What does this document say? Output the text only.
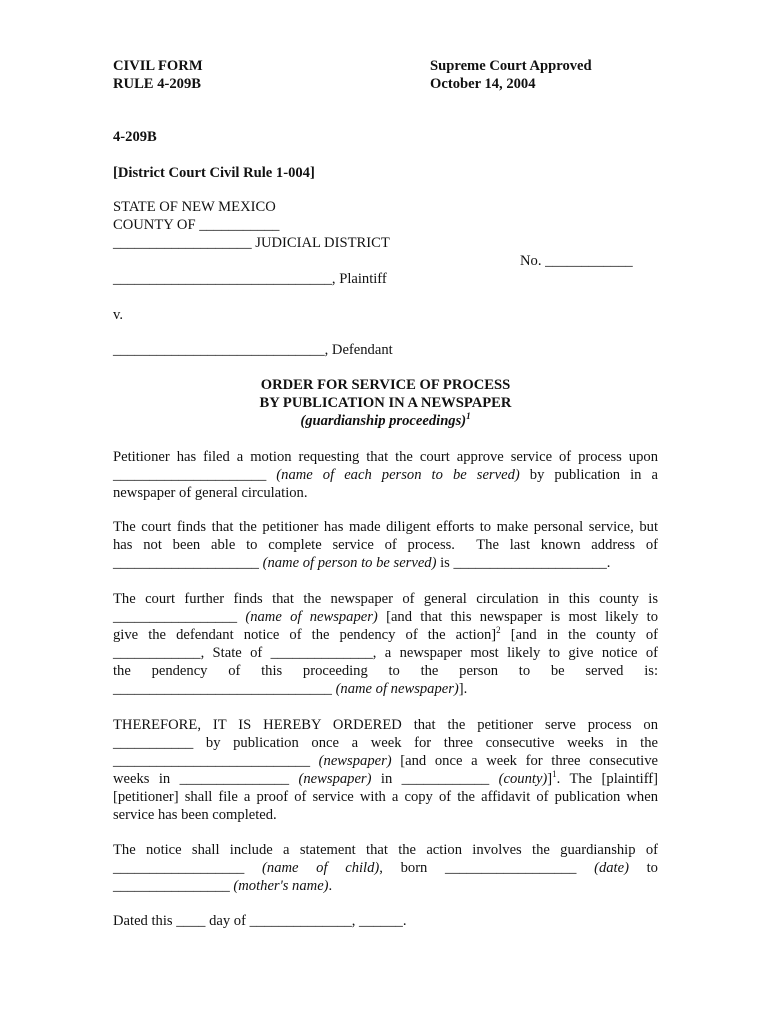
CIVIL FORM
RULE 4-209B
Supreme Court Approved
October 14, 2004
4-209B
[District Court Civil Rule 1-004]
STATE OF NEW MEXICO
COUNTY OF ___________
___________________ JUDICIAL DISTRICT
No. ____________
______________________________, Plaintiff
v.
_____________________________, Defendant
ORDER FOR SERVICE OF PROCESS
BY PUBLICATION IN A NEWSPAPER
(guardianship proceedings)$^1$
Petitioner has filed a motion requesting that the court approve service of process upon
_____________________ (name of each person to be served) by publication in a
newspaper of general circulation.
The court finds that the petitioner has made diligent efforts to make personal service, but
has not been able to complete service of process.  The last known address of
____________________ (name of person to be served) is _____________________.
The court further finds that the newspaper of general circulation in this county is
_________________ (name of newspaper) [and that this newspaper is most likely to
give the defendant notice of the pendency of the action]$^2$ [and in the county of
____________, State of ______________, a newspaper most likely to give notice of
the pendency of this proceeding to the person to be served is:
______________________________ (name of newspaper)].
THEREFORE, IT IS HEREBY ORDERED that the petitioner serve process on
___________ by publication once a week for three consecutive weeks in the
___________________________ (newspaper) [and once a week for three consecutive
weeks in _______________ (newspaper) in ____________ (county)]$^1$. The [plaintiff]
[petitioner] shall file a proof of service with a copy of the affidavit of publication when
service has been completed.
The notice shall include a statement that the action involves the guardianship of
__________________ (name of child), born __________________ (date) to
________________ (mother's name).
Dated this ____ day of ______________, ______.
